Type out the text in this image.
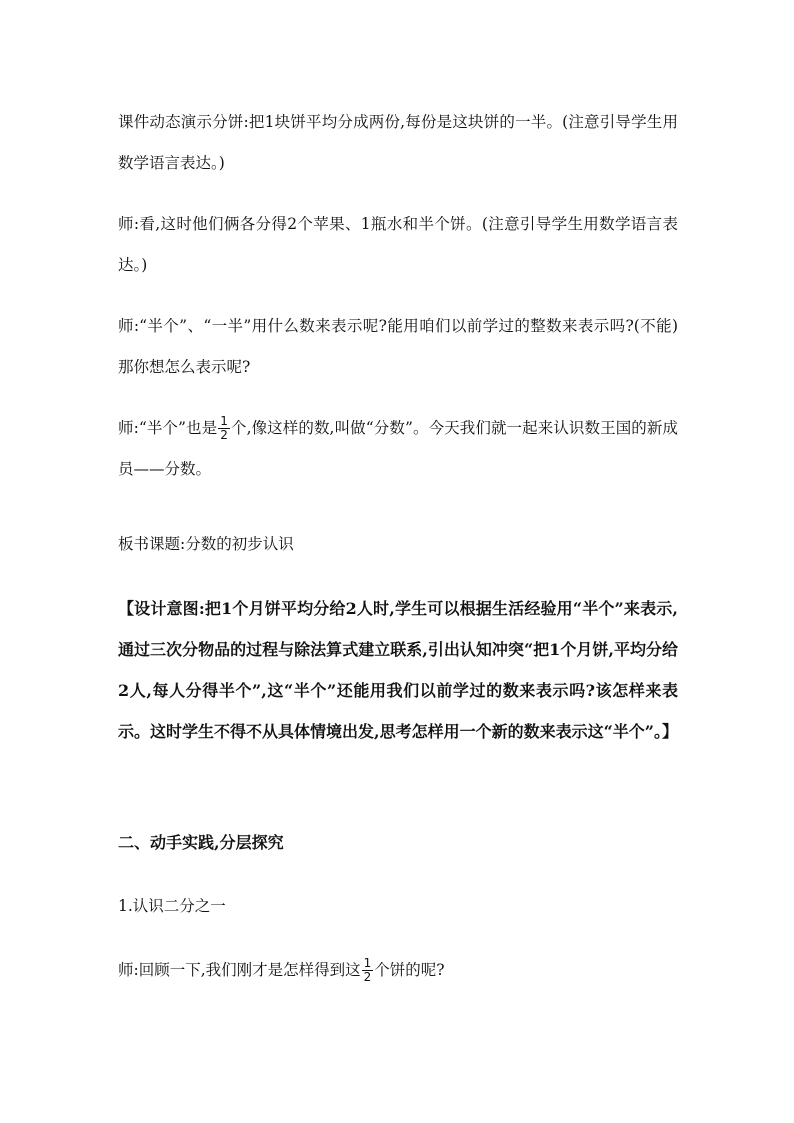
课件动态演示分饼:把1块饼平均分成两份,每份是这块饼的一半。(注意引导学生用数学语言表达。)

师:看,这时他们俩各分得2个苹果、1瓶水和半个饼。(注意引导学生用数学语言表达。)

师:“半个”、“一半”用什么数来表示呢?能用咱们以前学过的整数来表示吗?(不能)那你想怎么表示呢?

师:“半个”也是 $\frac{1}{2}$ 个,像这样的数,叫做“分数”。今天我们就一起来认识数王国的新成员——分数。

板书课题:分数的初步认识

【设计意图:把1个月饼平均分给2人时,学生可以根据生活经验用“半个”来表示,通过三次分物品的过程与除法算式建立联系,引出认知冲突“把1个月饼,平均分给2人,每人分得半个”,这“半个”还能用我们以前学过的数来表示吗?该怎样来表示。这时学生不得不从具体情境出发,思考怎样用一个新的数来表示这“半个”。】

二、动手实践,分层探究

1.认识二分之一

师:回顾一下,我们刚才是怎样得到这 $\frac{1}{2}$ 个饼的呢?
